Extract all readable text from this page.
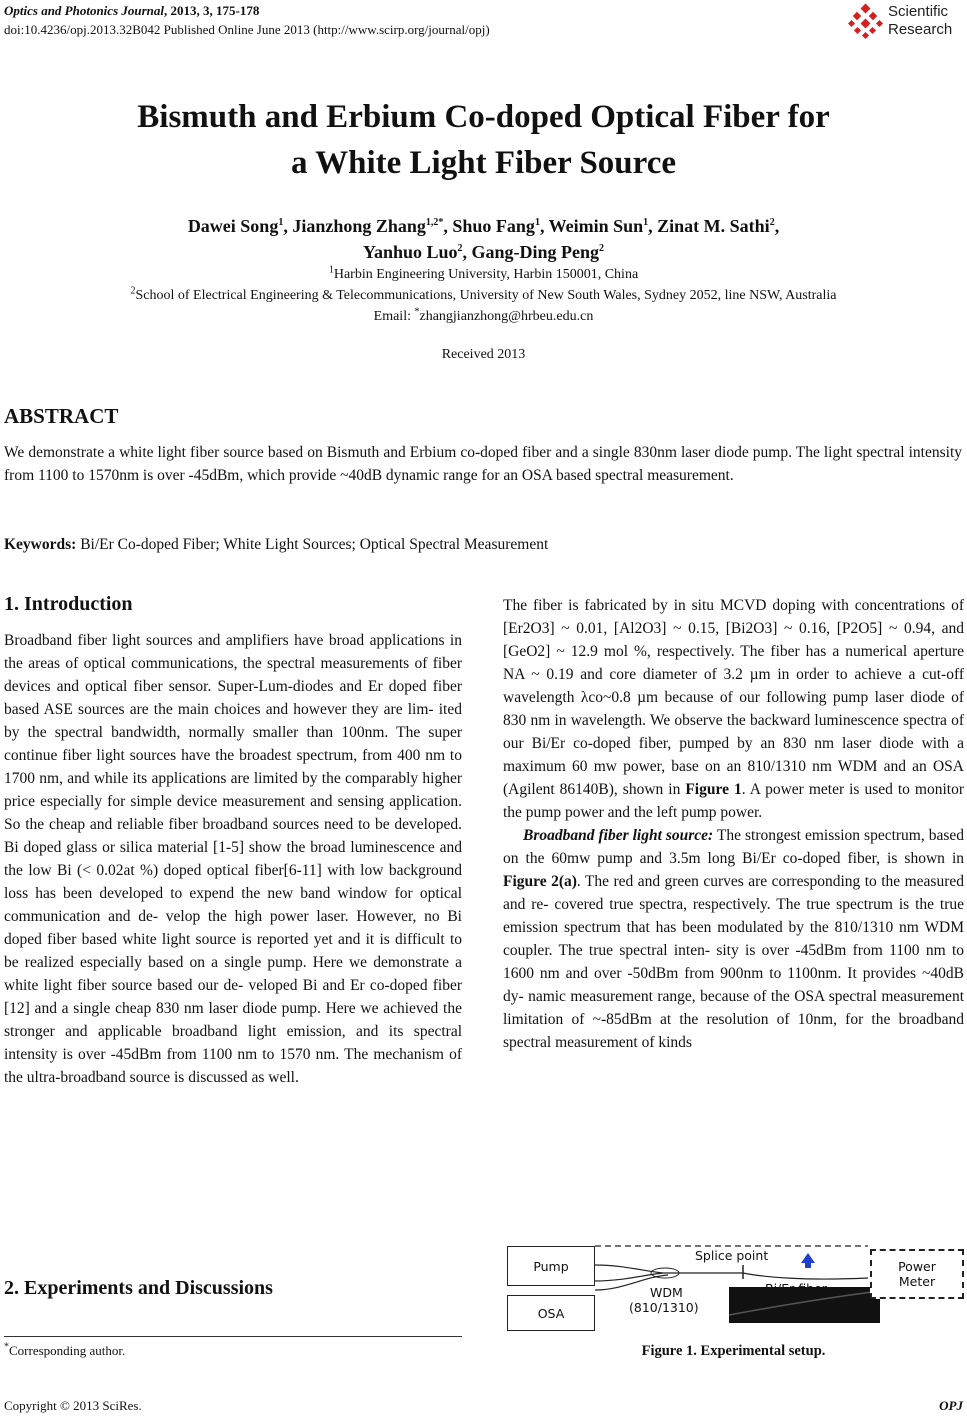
Optics and Photonics Journal, 2013, 3, 175-178
doi:10.4236/opj.2013.32B042 Published Online June 2013 (http://www.scirp.org/journal/opj)
Scientific
Research
Bismuth and Erbium Co-doped Optical Fiber for
a White Light Fiber Source
Dawei Song$^1$, Jianzhong Zhang$^{1,2*}$, Shuo Fang$^1$, Weimin Sun$^1$, Zinat M. Sathi$^2$,
Yanhuo Luo$^2$, Gang-Ding Peng$^2$
$^1$Harbin Engineering University, Harbin 150001, China
$^2$School of Electrical Engineering & Telecommunications, University of New South Wales, Sydney 2052, line NSW, Australia
Email: *zhangjianzhong@hrbeu.edu.cn
Received 2013
ABSTRACT
We demonstrate a white light fiber source based on Bismuth and Erbium co-doped fiber and a single 830nm laser diode pump. The light spectral intensity from 1100 to 1570nm is over -45dBm, which provide ~40dB dynamic range for an OSA based spectral measurement.
Keywords: Bi/Er Co-doped Fiber; White Light Sources; Optical Spectral Measurement
1. Introduction

Broadband fiber light sources and amplifiers have broad applications in the areas of optical communications, the spectral measurements of fiber devices and optical fiber sensor. Super-Lum-diodes and Er doped fiber based ASE sources are the main choices and however they are lim- ited by the spectral bandwidth, normally smaller than 100nm. The super continue fiber light sources have the broadest spectrum, from 400 nm to 1700 nm, and while its applications are limited by the comparably higher price especially for simple device measurement and sensing application. So the cheap and reliable fiber broadband sources need to be developed. Bi doped glass or silica material [1-5] show the broad luminescence and the low Bi (< 0.02at %) doped optical fiber[6-11] with low background loss has been developed to expend the new band window for optical communication and de- velop the high power laser. However, no Bi doped fiber based white light source is reported yet and it is difficult to be realized especially based on a single pump. Here we demonstrate a white light fiber source based our de- veloped Bi and Er co-doped fiber [12] and a single cheap 830 nm laser diode pump. Here we achieved the stronger and applicable broadband light emission, and its spectral intensity is over -45dBm from 1100 nm to 1570 nm. The mechanism of the ultra-broadband source is discussed as well.

2. Experiments and Discussions

The fiber is fabricated by in situ MCVD doping with concentrations of [Er2O3] ~ 0.01, [Al2O3] ~ 0.15, [Bi2O3] ~ 0.16, [P2O5] ~ 0.94, and [GeO2] ~ 12.9 mol %, respectively. The fiber has a numerical aperture NA ~ 0.19 and core diameter of 3.2 µm in order to achieve a cut-off wavelength λco~0.8 µm because of our following pump laser diode of 830 nm in wavelength. We observe the backward luminescence spectra of our Bi/Er co-doped fiber, pumped by an 830 nm laser diode with a maximum 60 mw power, base on an 810/1310 nm WDM and an OSA (Agilent 86140B), shown in Figure 1. A power meter is used to monitor the pump power and the left pump power.

Broadband fiber light source: The strongest emission spectrum, based on the 60mw pump and 3.5m long Bi/Er co-doped fiber, is shown in Figure 2(a). The red and green curves are corresponding to the measured and re- covered true spectra, respectively. The true spectrum is the true emission spectrum that has been modulated by the 810/1310 nm WDM coupler. The true spectral inten- sity is over -45dBm from 1100 nm to 1600 nm and over -50dBm from 900nm to 1100nm. It provides ~40dB dy- namic measurement range, because of the OSA spectral measurement limitation of ~-85dBm at the resolution of 10nm, for the broadband spectral measurement of kinds

Pump
OSA
Power
Meter
Splice point
WDM
(810/1310)
Bi/Er fiber
*Corresponding author.	Figure 1. Experimental setup.
Copyright © 2013 SciRes.	OPJ
